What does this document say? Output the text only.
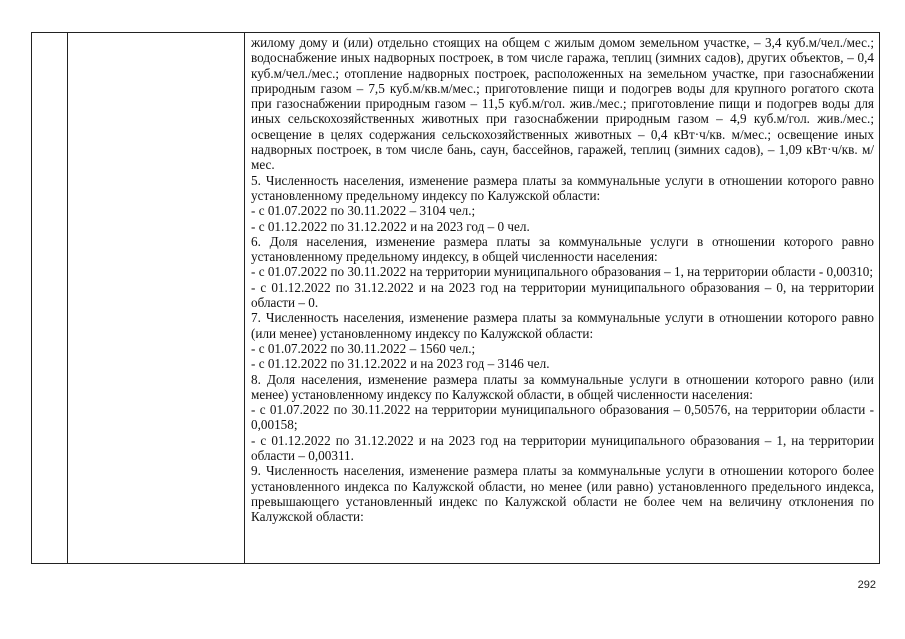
жилому дому и (или) отдельно стоящих на общем с жилым домом земельном участке, – 3,4 куб.м/чел./мес.; водоснабжение иных надворных построек, в том числе гаража, теплиц (зимних садов), других объектов, – 0,4 куб.м/чел./мес.; отопление надворных построек, расположенных на земельном участке, при газоснабжении природным газом – 7,5 куб.м/кв.м/мес.; приготовление пищи и подогрев воды для крупного рогатого скота при газоснабжении природным газом – 11,5 куб.м/гол. жив./мес.; приготовление пищи и подогрев воды для иных сельскохозяйственных животных при газоснабжении природным газом – 4,9 куб.м/гол. жив./мес.; освещение в целях содержания сельскохозяйственных животных – 0,4 кВт·ч/кв. м/мес.; освещение иных надворных построек, в том числе бань, саун, бассейнов, гаражей, теплиц (зимних садов), – 1,09 кВт·ч/кв. м/мес.

5. Численность населения, изменение размера платы за коммунальные услуги в отношении которого равно установленному предельному индексу по Калужской области:

- с 01.07.2022 по 30.11.2022 – 3104 чел.;

- с 01.12.2022 по 31.12.2022 и на 2023 год – 0 чел.

6. Доля населения, изменение размера платы за коммунальные услуги в отношении которого равно установленному предельному индексу, в общей численности населения:

- с 01.07.2022 по 30.11.2022 на территории муниципального образования – 1, на территории области - 0,00310;

- с 01.12.2022 по 31.12.2022 и на 2023 год на территории муниципального образования – 0, на территории области – 0.

7. Численность населения, изменение размера платы за коммунальные услуги в отношении которого равно (или менее) установленному индексу по Калужской области:

- с 01.07.2022 по 30.11.2022 – 1560 чел.;

- с 01.12.2022 по 31.12.2022 и на 2023 год – 3146 чел.

8. Доля населения, изменение размера платы за коммунальные услуги в отношении которого равно (или менее) установленному индексу по Калужской области, в общей численности населения:

- с 01.07.2022 по 30.11.2022 на территории муниципального образования – 0,50576, на территории области - 0,00158;

- с 01.12.2022 по 31.12.2022 и на 2023 год на территории муниципального образования – 1, на территории области – 0,00311.

9. Численность населения, изменение размера платы за коммунальные услуги в отношении которого более установленного индекса по Калужской области, но менее (или равно) установленного предельного индекса, превышающего установленный индекс по Калужской области не более чем на величину отклонения по Калужской области:

292
